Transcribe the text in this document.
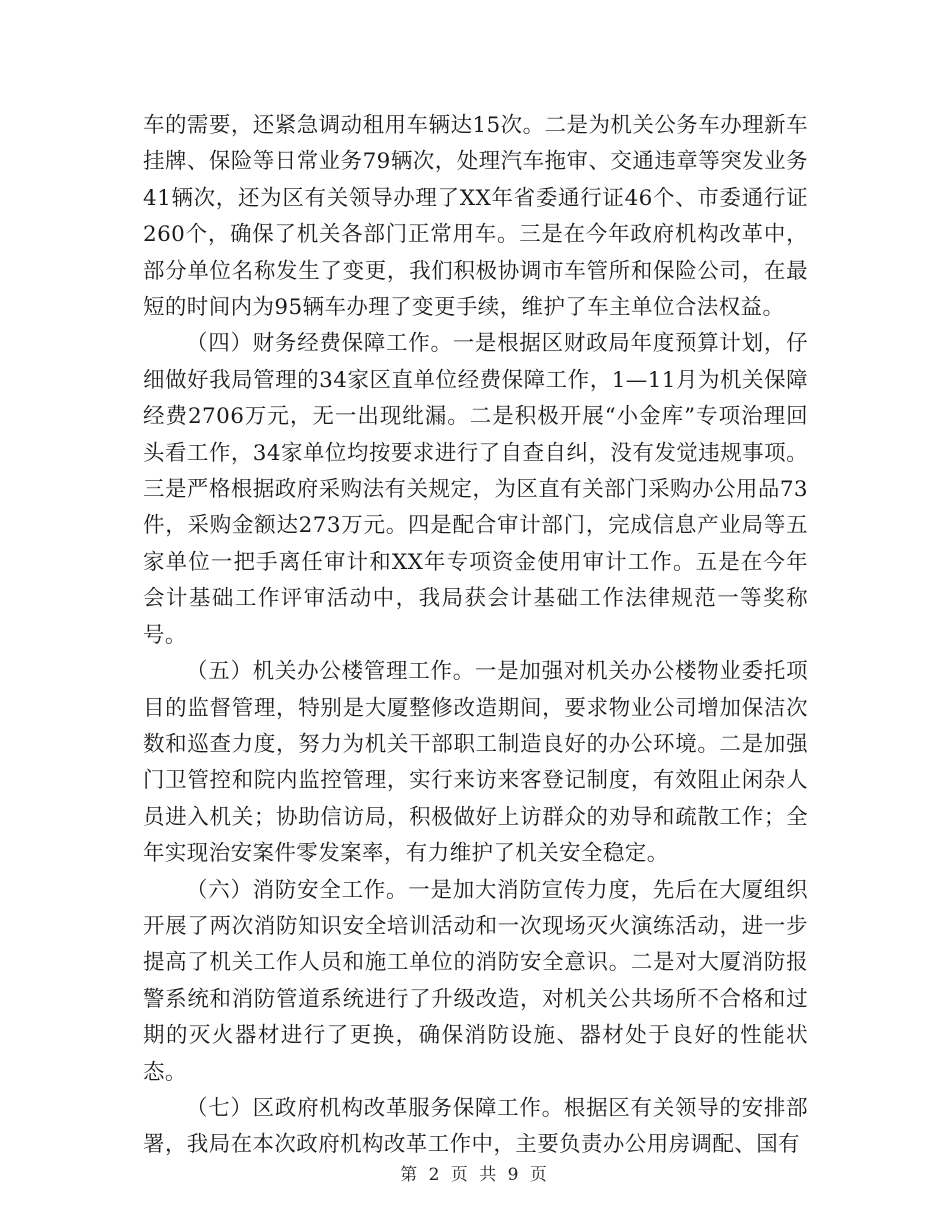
车的需要，还紧急调动租用车辆达15次。二是为机关公务车办理新车挂牌、保险等日常业务79辆次，处理汽车拖审、交通违章等突发业务41辆次，还为区有关领导办理了XX年省委通行证46个、市委通行证260个，确保了机关各部门正常用车。三是在今年政府机构改革中，部分单位名称发生了变更，我们积极协调市车管所和保险公司，在最短的时间内为95辆车办理了变更手续，维护了车主单位合法权益。

（四）财务经费保障工作。一是根据区财政局年度预算计划，仔细做好我局管理的34家区直单位经费保障工作，1—11月为机关保障经费2706万元，无一出现纰漏。二是积极开展“小金库”专项治理回头看工作，34家单位均按要求进行了自查自纠，没有发觉违规事项。三是严格根据政府采购法有关规定，为区直有关部门采购办公用品73件，采购金额达273万元。四是配合审计部门，完成信息产业局等五家单位一把手离任审计和XX年专项资金使用审计工作。五是在今年会计基础工作评审活动中，我局获会计基础工作法律规范一等奖称号。

（五）机关办公楼管理工作。一是加强对机关办公楼物业委托项目的监督管理，特别是大厦整修改造期间，要求物业公司增加保洁次数和巡查力度，努力为机关干部职工制造良好的办公环境。二是加强门卫管控和院内监控管理，实行来访来客登记制度，有效阻止闲杂人员进入机关；协助信访局，积极做好上访群众的劝导和疏散工作；全年实现治安案件零发案率，有力维护了机关安全稳定。

（六）消防安全工作。一是加大消防宣传力度，先后在大厦组织开展了两次消防知识安全培训活动和一次现场灭火演练活动，进一步提高了机关工作人员和施工单位的消防安全意识。二是对大厦消防报警系统和消防管道系统进行了升级改造，对机关公共场所不合格和过期的灭火器材进行了更换，确保消防设施、器材处于良好的性能状态。

（七）区政府机构改革服务保障工作。根据区有关领导的安排部署，我局在本次政府机构改革工作中，主要负责办公用房调配、国有

第 2 页 共 9 页
